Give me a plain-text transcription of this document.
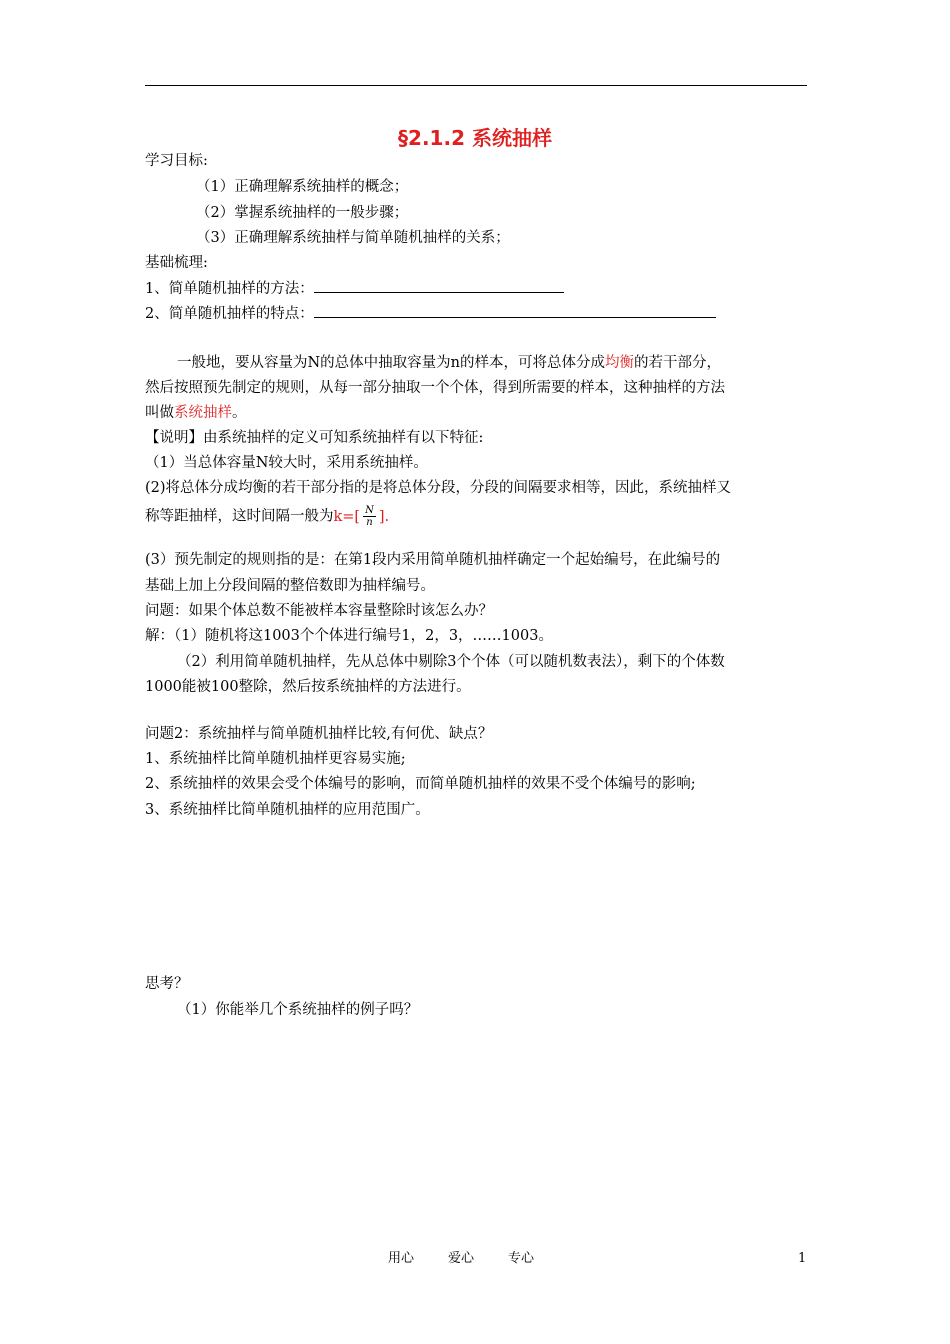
§2.1.2 系统抽样
学习目标:
（1）正确理解系统抽样的概念；
（2）掌握系统抽样的一般步骤；
（3）正确理解系统抽样与简单随机抽样的关系；
基础梳理:
1、简单随机抽样的方法：
2、简单随机抽样的特点：
一般地，要从容量为N的总体中抽取容量为n的样本，可将总体分成均衡的若干部分，
然后按照预先制定的规则，从每一部分抽取一个个体，得到所需要的样本，这种抽样的方法
叫做系统抽样。
【说明】由系统抽样的定义可知系统抽样有以下特征:
（1）当总体容量N较大时，采用系统抽样。
(2)将总体分成均衡的若干部分指的是将总体分段，分段的间隔要求相等，因此，系统抽样又
称等距抽样，这时间隔一般为$k=[ \frac{N}{n}$ ].
(3）预先制定的规则指的是：在第1段内采用简单随机抽样确定一个起始编号，在此编号的
基础上加上分段间隔的整倍数即为抽样编号。
问题：如果个体总数不能被样本容量整除时该怎么办？
解：（1）随机将这1003个个体进行编号1，2，3，……1003。
（2）利用简单随机抽样，先从总体中剔除3个个体（可以随机数表法），剩下的个体数
1000能被100整除，然后按系统抽样的方法进行。
问题2：系统抽样与简单随机抽样比较,有何优、缺点？
1、系统抽样比简单随机抽样更容易实施;
2、系统抽样的效果会受个体编号的影响，而简单随机抽样的效果不受个体编号的影响;
3、系统抽样比简单随机抽样的应用范围广。
思考？
（1）你能举几个系统抽样的例子吗？
用心	爱心	专心	1
